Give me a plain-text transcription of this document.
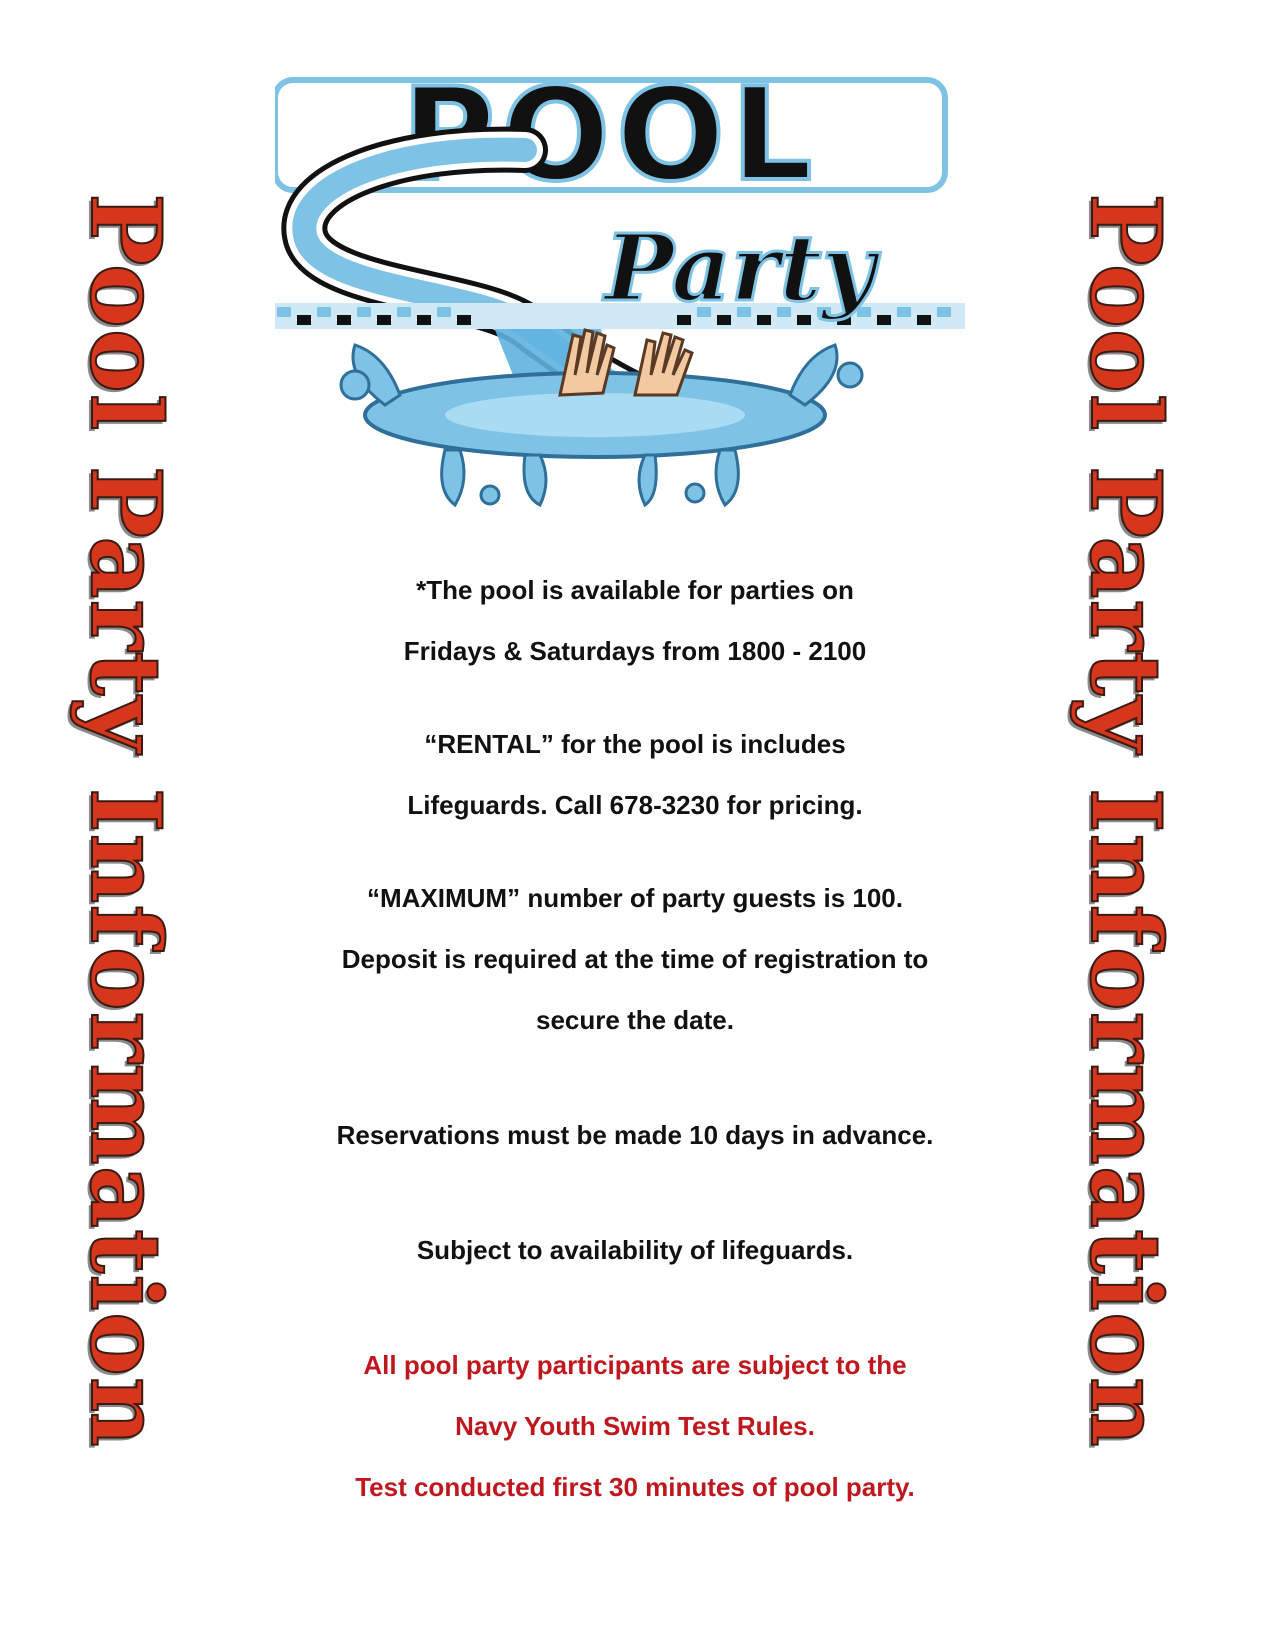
Pool Party Information	Pool Party Information
POOL
Party

*The pool is available for parties on

Fridays & Saturdays from 1800 - 2100

“RENTAL” for the pool is includes

Lifeguards. Call 678-3230 for pricing.

“MAXIMUM” number of party guests is 100.

Deposit is required at the time of registration to

secure the date.

Reservations must be made 10 days in advance.

Subject to availability of lifeguards.

All pool party participants are subject to the

Navy Youth Swim Test Rules.

Test conducted first 30 minutes of pool party.
